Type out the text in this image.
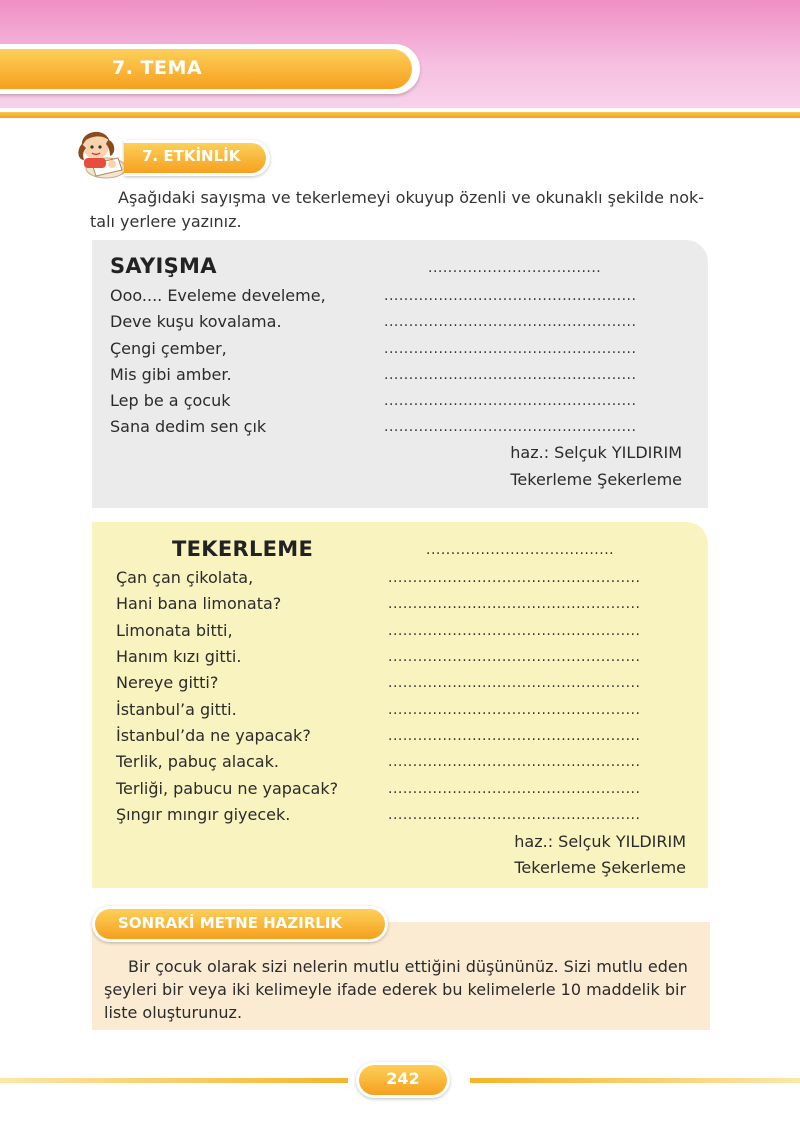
7. TEMA
7. ETKİNLİK
Aşağıdaki sayışma ve tekerlemeyi okuyup özenli ve okunaklı şekilde nok-
talı yerlere yazınız.
SAYIŞMA	...................................
Ooo.... Eveleme develeme,
Deve kuşu kovalama.
Çengi çember,
Mis gibi amber.
Lep be a çocuk
Sana dedim sen çık
...................................................
...................................................
...................................................
...................................................
...................................................
...................................................
haz.: Selçuk YILDIRIM
Tekerleme Şekerleme
TEKERLEME	......................................
Çan çan çikolata,
Hani bana limonata?
Limonata bitti,
Hanım kızı gitti.
Nereye gitti?
İstanbul’a gitti.
İstanbul’da ne yapacak?
Terlik, pabuç alacak.
Terliği, pabucu ne yapacak?
Şıngır mıngır giyecek.
...................................................
...................................................
...................................................
...................................................
...................................................
...................................................
...................................................
...................................................
...................................................
...................................................
haz.: Selçuk YILDIRIM
Tekerleme Şekerleme
SONRAKİ METNE HAZIRLIK
Bir çocuk olarak sizi nelerin mutlu ettiğini düşününüz. Sizi mutlu eden şeyleri bir veya iki kelimeyle ifade ederek bu kelimelerle 10 maddelik bir liste oluşturunuz.
242
